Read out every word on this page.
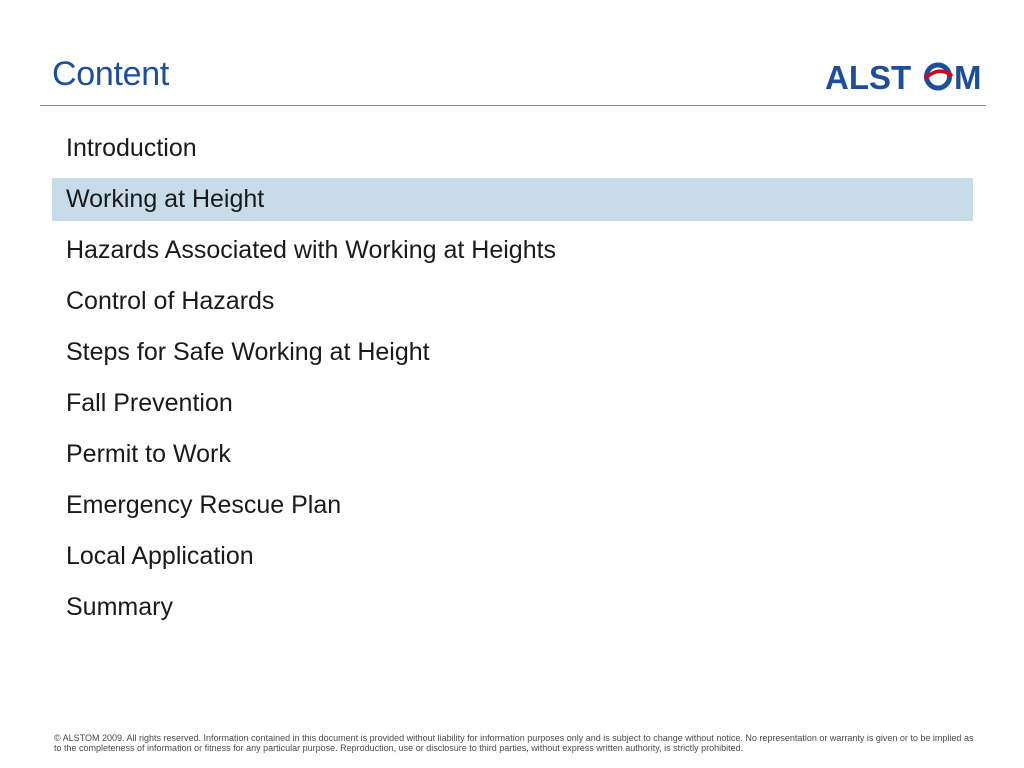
Content	ALST M
Introduction
Working at Height
Hazards Associated with Working at Heights
Control of Hazards
Steps for Safe Working at Height
Fall Prevention
Permit to Work
Emergency Rescue Plan
Local Application
Summary
© ALSTOM 2009. All rights reserved. Information contained in this document is provided without liability for information purposes only and is subject to change without notice. No representation or warranty is given or to be implied as to the completeness of information or fitness for any particular purpose. Reproduction, use or disclosure to third parties, without express written authority, is strictly prohibited.
